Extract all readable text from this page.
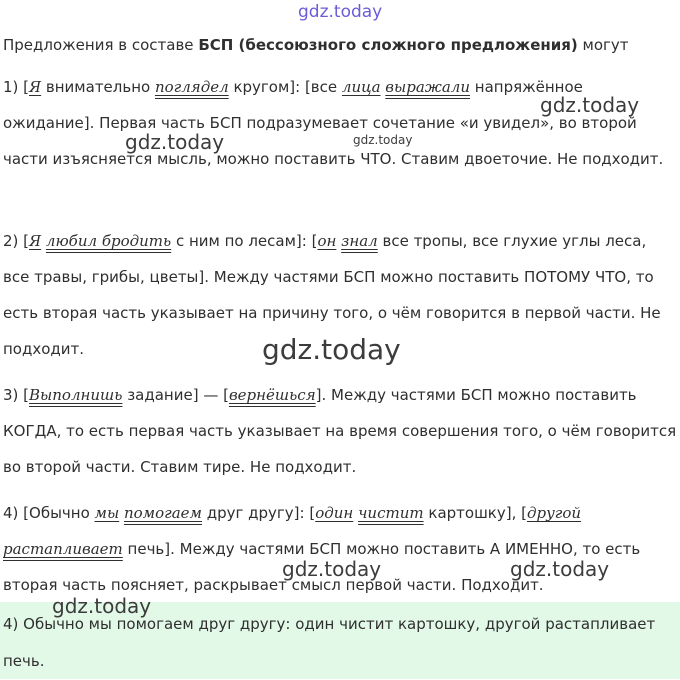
gdz.today
Предложения в составе БСП (бессоюзного сложного предложения) могут

1) [Я внимательно поглядел кругом]: [все лица выражали напряжённое ожидание]. Первая часть БСП подразумевает сочетание «и увидел», во второй части изъясняется мысль, можно поставить ЧТО. Ставим двоеточие. Не подходит.

2) [Я любил бродить с ним по лесам]: [он знал все тропы, все глухие углы леса, все травы, грибы, цветы]. Между частями БСП можно поставить ПОТОМУ ЧТО, то есть вторая часть указывает на причину того, о чём говорится в первой части. Не подходит.

3) [Выполнишь задание] — [вернёшься]. Между частями БСП можно поставить КОГДА, то есть первая часть указывает на время совершения того, о чём говорится во второй части. Ставим тире. Не подходит.

4) [Обычно мы помогаем друг другу]: [один чистит картошку], [другой растапливает печь]. Между частями БСП можно поставить А ИМЕННО, то есть вторая часть поясняет, раскрывает смысл первой части. Подходит.

4) Обычно мы помогаем друг другу: один чистит картошку, другой растапливает печь.

gdz.today
gdz.today	gdz.today
gdz.today
gdz.today	gdz.today
gdz.today
